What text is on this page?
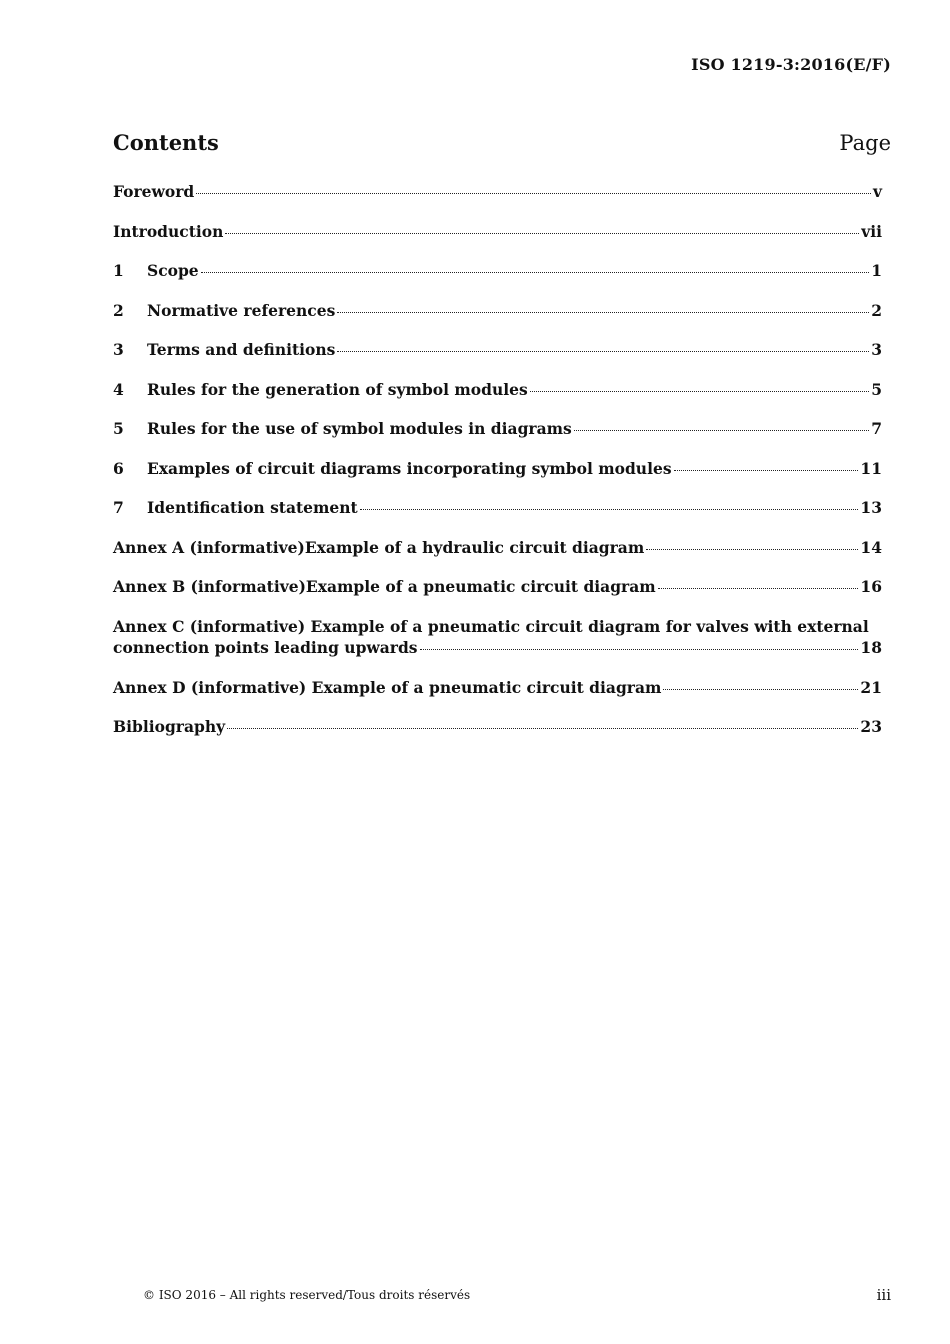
ISO 1219-3:2016(E/F)
Contents	Page
Foreword	v
Introduction	vii
1	Scope	1
2	Normative references	2
3	Terms and definitions	3
4	Rules for the generation of symbol modules	5
5	Rules for the use of symbol modules in diagrams	7
6	Examples of circuit diagrams incorporating symbol modules	11
7	Identification statement	13
Annex A (informative)Example of a hydraulic circuit diagram	14
Annex B (informative)Example of a pneumatic circuit diagram	16
Annex C (informative) Example of a pneumatic circuit diagram for valves with external
connection points leading upwards	18
Annex D (informative) Example of a pneumatic circuit diagram	21
Bibliography	23
© ISO 2016 – All rights reserved/Tous droits réservés	iii
